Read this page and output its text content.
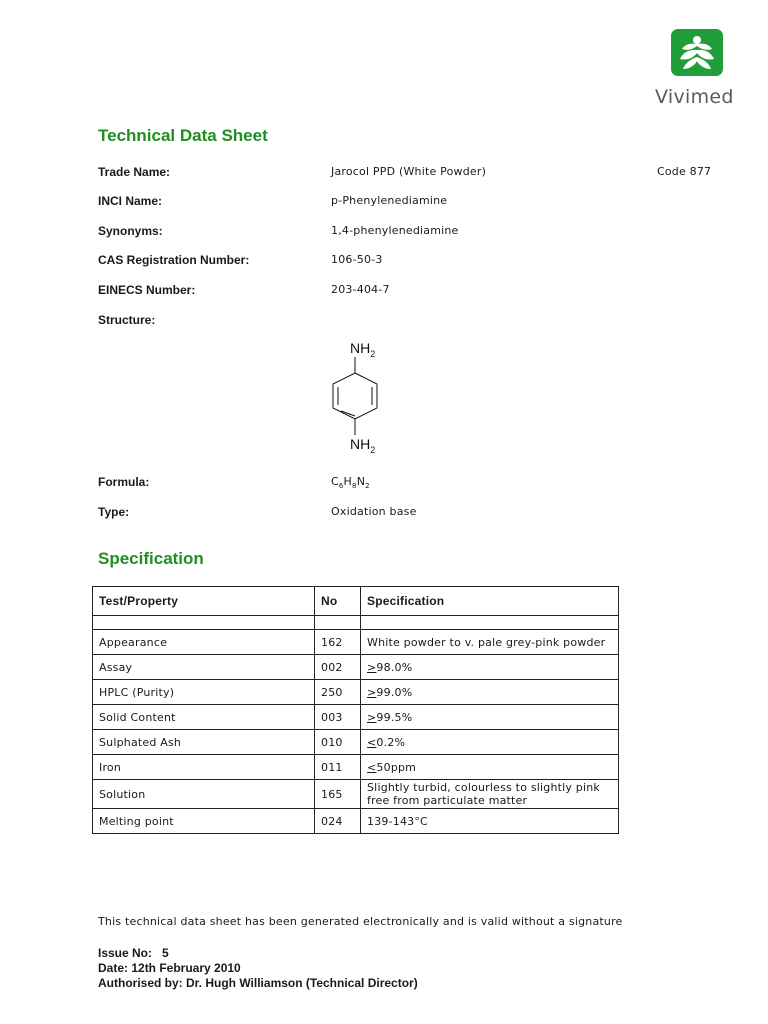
Vivimed
Technical Data Sheet
Trade Name:	Jarocol PPD (White Powder)	Code 877
INCI Name:	p-Phenylenediamine
Synonyms:	1,4-phenylenediamine
CAS Registration Number:	106-50-3
EINECS Number:	203-404-7
Structure:
$NH_2$
$NH_2$
Formula:	$C_6H_8N_2$
Type:	Oxidation base
Specification
Test/Property	No	Specification

Appearance	162	White powder to v. pale grey-pink powder
Assay	002	>98.0%
HPLC (Purity)	250	>99.0%
Solid Content	003	>99.5%
Sulphated Ash	010	<0.2%
Iron	011	<50ppm
Solution	165	Slightly turbid, colourless to slightly pink
free from particulate matter

Melting point	024	139-143°C
This technical data sheet has been generated electronically and is valid without a signature
Issue No:   5
Date: 12th February 2010
Authorised by: Dr. Hugh Williamson (Technical Director)
